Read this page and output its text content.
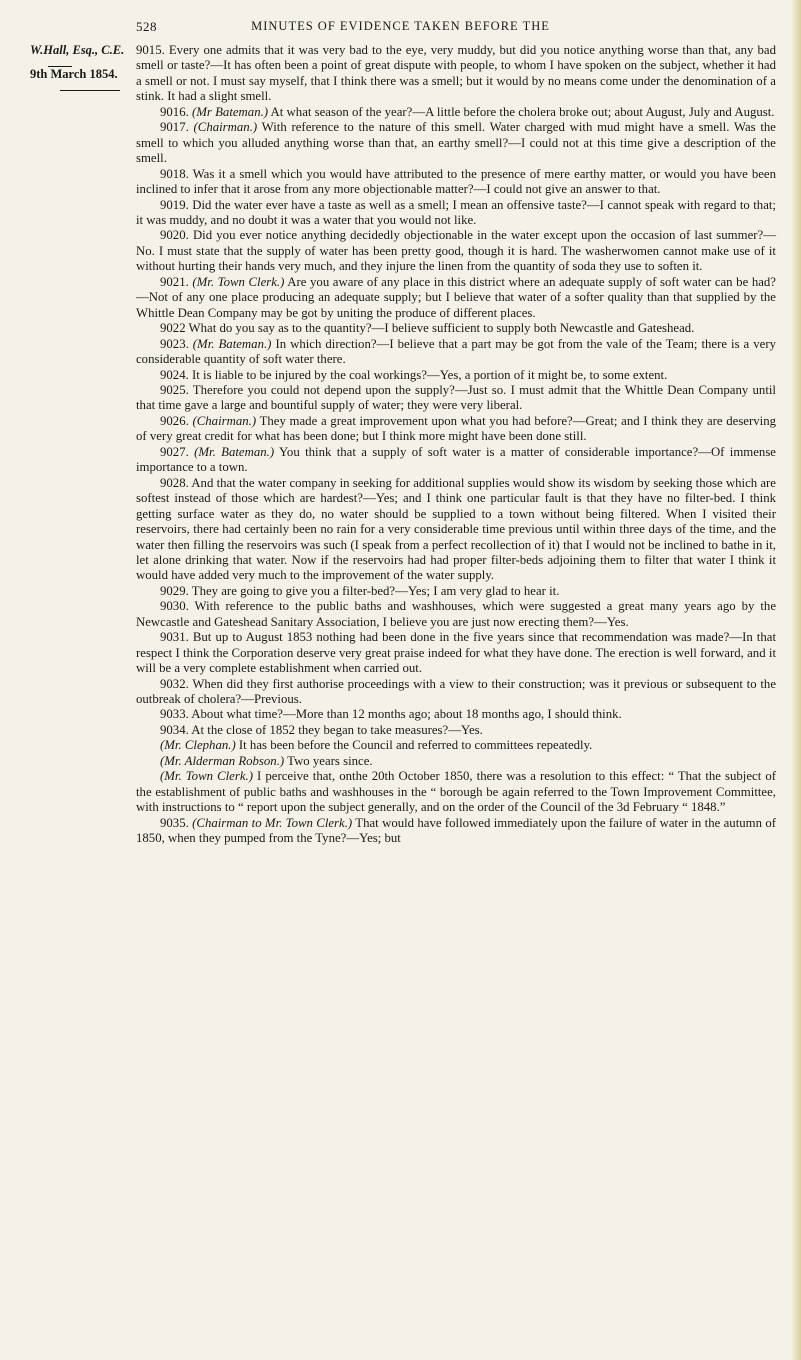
528	MINUTES OF EVIDENCE TAKEN BEFORE THE
W.Hall, Esq., C.E.
9th March 1854.

9015. Every one admits that it was very bad to the eye, very muddy, but did you notice anything worse than that, any bad smell or taste?—It has often been a point of great dispute with people, to whom I have spoken on the subject, whether it had a smell or not. I must say myself, that I think there was a smell; but it would by no means come under the denomination of a stink. It had a slight smell.

9016. (Mr Bateman.) At what season of the year?—A little before the cholera broke out; about August, July and August.

9017. (Chairman.) With reference to the nature of this smell. Water charged with mud might have a smell. Was the smell to which you alluded anything worse than that, an earthy smell?—I could not at this time give a description of the smell.

9018. Was it a smell which you would have attributed to the presence of mere earthy matter, or would you have been inclined to infer that it arose from any more objectionable matter?—I could not give an answer to that.

9019. Did the water ever have a taste as well as a smell; I mean an offensive taste?—I cannot speak with regard to that; it was muddy, and no doubt it was a water that you would not like.

9020. Did you ever notice anything decidedly objectionable in the water except upon the occasion of last summer?—No. I must state that the supply of water has been pretty good, though it is hard. The washerwomen cannot make use of it without hurting their hands very much, and they injure the linen from the quantity of soda they use to soften it.

9021. (Mr. Town Clerk.) Are you aware of any place in this district where an adequate supply of soft water can be had?—Not of any one place producing an adequate supply; but I believe that water of a softer quality than that supplied by the Whittle Dean Company may be got by uniting the produce of different places.

9022 What do you say as to the quantity?—I believe sufficient to supply both Newcastle and Gateshead.

9023. (Mr. Bateman.) In which direction?—I believe that a part may be got from the vale of the Team; there is a very considerable quantity of soft water there.

9024. It is liable to be injured by the coal workings?—Yes, a portion of it might be, to some extent.

9025. Therefore you could not depend upon the supply?—Just so. I must admit that the Whittle Dean Company until that time gave a large and bountiful supply of water; they were very liberal.

9026. (Chairman.) They made a great improvement upon what you had before?—Great; and I think they are deserving of very great credit for what has been done; but I think more might have been done still.

9027. (Mr. Bateman.) You think that a supply of soft water is a matter of considerable importance?—Of immense importance to a town.

9028. And that the water company in seeking for additional supplies would show its wisdom by seeking those which are softest instead of those which are hardest?—Yes; and I think one particular fault is that they have no filter-bed. I think getting surface water as they do, no water should be supplied to a town without being filtered. When I visited their reservoirs, there had certainly been no rain for a very considerable time previous until within three days of the time, and the water then filling the reservoirs was such (I speak from a perfect recollection of it) that I would not be inclined to bathe in it, let alone drinking that water. Now if the reservoirs had had proper filter-beds adjoining them to filter that water I think it would have added very much to the improvement of the water supply.

9029. They are going to give you a filter-bed?—Yes; I am very glad to hear it.

9030. With reference to the public baths and washhouses, which were suggested a great many years ago by the Newcastle and Gateshead Sanitary Association, I believe you are just now erecting them?—Yes.

9031. But up to August 1853 nothing had been done in the five years since that recommendation was made?—In that respect I think the Corporation deserve very great praise indeed for what they have done. The erection is well forward, and it will be a very complete establishment when carried out.

9032. When did they first authorise proceedings with a view to their construction; was it previous or subsequent to the outbreak of cholera?—Previous.

9033. About what time?—More than 12 months ago; about 18 months ago, I should think.

9034. At the close of 1852 they began to take measures?—Yes.

(Mr. Clephan.) It has been before the Council and referred to committees repeatedly.

(Mr. Alderman Robson.) Two years since.

(Mr. Town Clerk.) I perceive that, onthe 20th October 1850, there was a resolution to this effect: “ That the subject of the establishment of public baths and washhouses in the “ borough be again referred to the Town Improvement Committee, with instructions to “ report upon the subject generally, and on the order of the Council of the 3d February “ 1848.”

9035. (Chairman to Mr. Town Clerk.) That would have followed immediately upon the failure of water in the autumn of 1850, when they pumped from the Tyne?—Yes; but
